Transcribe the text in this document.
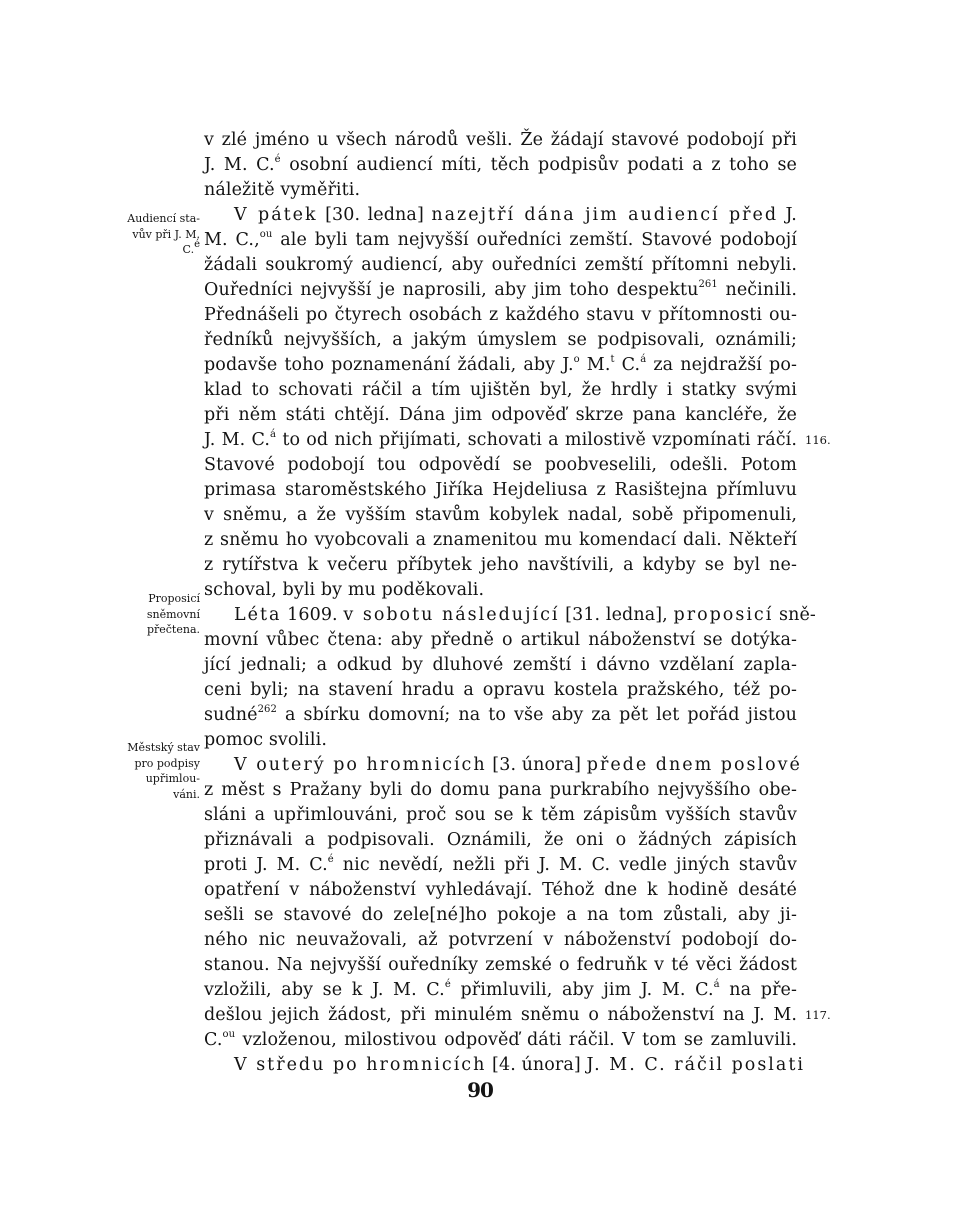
v zlé jméno u všech národů vešli. Že žádají stavové podobojí při
J. M. C.$^é$ osobní audiencí míti, těch podpisův podati a z toho se
náležitě vyměřiti.
V pátek [30. ledna] nazejtří dána jim audiencí před J.
M. C.,$^{ou}$ ale byli tam nejvyšší ouředníci zemští. Stavové podobojí
žádali soukromý audiencí, aby ouředníci zemští přítomni nebyli.
Ouředníci nejvyšší je naprosili, aby jim toho despektu$^{261}$ nečinili.
Přednášeli po čtyrech osobách z každého stavu v přítomnosti ou-
ředníků nejvyšších, a jakým úmyslem se podpisovali, oznámili;
podavše toho poznamenání žádali, aby J.$^o$ M.$^t$ C.$^á$ za nejdražší po-
klad to schovati ráčil a tím ujištěn byl, že hrdly i statky svými
při něm státi chtějí. Dána jim odpověď skrze pana kancléře, že
J. M. C.$^á$ to od nich přijímati, schovati a milostivě vzpomínati ráčí.
Stavové podobojí tou odpovědí se poobveselili, odešli. Potom
primasa staroměstského Jiříka Hejdeliusa z Rasištejna přímluvu
v sněmu, a že vyšším stavům kobylek nadal, sobě připomenuli,
z sněmu ho vyobcovali a znamenitou mu komendací dali. Někteří
z rytířstva k večeru příbytek jeho navštívili, a kdyby se byl ne-
schoval, byli by mu poděkovali.
Léta 1609. v sobotu následující [31. ledna], proposicí sně-
movní vůbec čtena: aby předně o artikul náboženství se dotýka-
jící jednali; a odkud by dluhové zemští i dávno vzdělaní zapla-
ceni byli; na stavení hradu a opravu kostela pražského, též po-
sudné$^{262}$ a sbírku domovní; na to vše aby za pět let pořád jistou
pomoc svolili.
V outerý po hromnicích [3. února] přede dnem poslové
z měst s Pražany byli do domu pana purkrabího nejvyššího obe-
sláni a upřimlouváni, proč sou se k těm zápisům vyšších stavův
přiznávali a podpisovali. Oznámili, že oni o žádných zápisích
proti J. M. C.$^é$ nic nevědí, nežli při J. M. C. vedle jiných stavův
opatření v náboženství vyhledávají. Téhož dne k hodině desáté
sešli se stavové do zele[né]ho pokoje a na tom zůstali, aby ji-
ného nic neuvažovali, až potvrzení v náboženství podobojí do-
stanou. Na nejvyšší ouředníky zemské o fedruňk v té věci žádost
vzložili, aby se k J. M. C.$^é$ přimluvili, aby jim J. M. C.$^á$ na pře-
dešlou jejich žádost, při minulém sněmu o náboženství na J. M.
C.$^{ou}$ vzloženou, milostivou odpověď dáti ráčil. V tom se zamluvili.
V středu po hromnicích [4. února] J. M. C. ráčil poslati
Audiencí sta-
vův při J. M.
C.$^é$
Proposicí
sněmovní
přečtena.
Městský stav
pro podpisy
upřimlou-
váni.
116.
117.
90
